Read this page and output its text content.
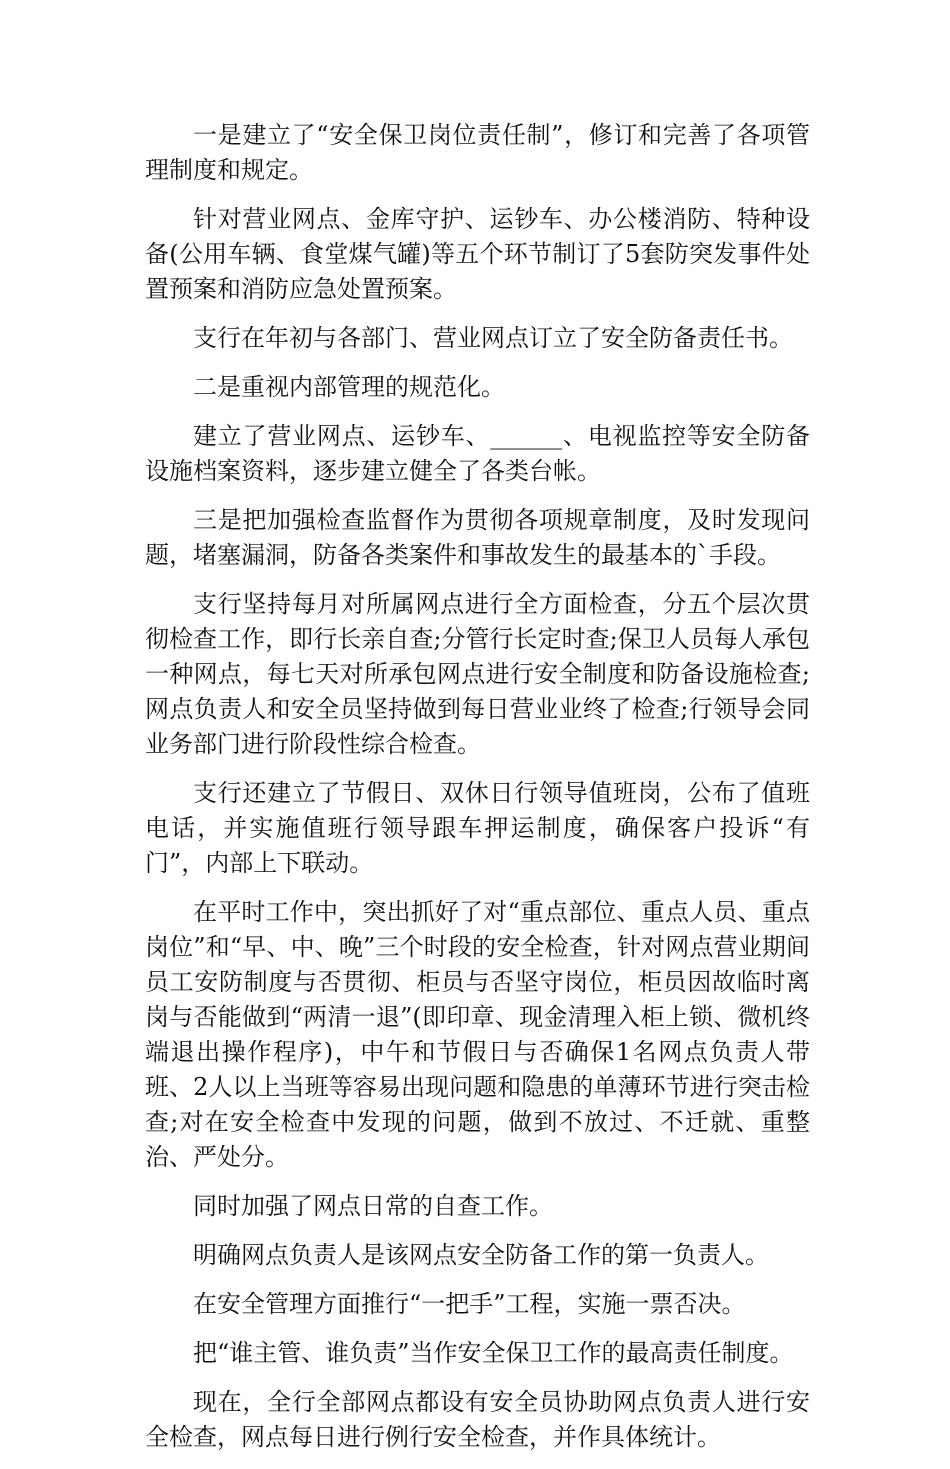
一是建立了“安全保卫岗位责任制”，修订和完善了各项管理制度和规定。

针对营业网点、金库守护、运钞车、办公楼消防、特种设备(公用车辆、食堂煤气罐)等五个环节制订了5套防突发事件处置预案和消防应急处置预案。

支行在年初与各部门、营业网点订立了安全防备责任书。

二是重视内部管理的规范化。

建立了营业网点、运钞车、______、电视监控等安全防备设施档案资料，逐步建立健全了各类台帐。

三是把加强检查监督作为贯彻各项规章制度，及时发现问题，堵塞漏洞，防备各类案件和事故发生的最基本的`手段。

支行坚持每月对所属网点进行全方面检查，分五个层次贯彻检查工作，即行长亲自查;分管行长定时查;保卫人员每人承包一种网点，每七天对所承包网点进行安全制度和防备设施检查;网点负责人和安全员坚持做到每日营业业终了检查;行领导会同业务部门进行阶段性综合检查。

支行还建立了节假日、双休日行领导值班岗，公布了值班电话，并实施值班行领导跟车押运制度，确保客户投诉“有门”，内部上下联动。

在平时工作中，突出抓好了对“重点部位、重点人员、重点岗位”和“早、中、晚”三个时段的安全检查，针对网点营业期间员工安防制度与否贯彻、柜员与否坚守岗位，柜员因故临时离岗与否能做到“两清一退”(即印章、现金清理入柜上锁、微机终端退出操作程序)，中午和节假日与否确保1名网点负责人带班、2人以上当班等容易出现问题和隐患的单薄环节进行突击检查;对在安全检查中发现的问题，做到不放过、不迁就、重整治、严处分。

同时加强了网点日常的自查工作。

明确网点负责人是该网点安全防备工作的第一负责人。

在安全管理方面推行“一把手”工程，实施一票否决。

把“谁主管、谁负责”当作安全保卫工作的最高责任制度。

现在，全行全部网点都设有安全员协助网点负责人进行安全检查，网点每日进行例行安全检查，并作具体统计。
